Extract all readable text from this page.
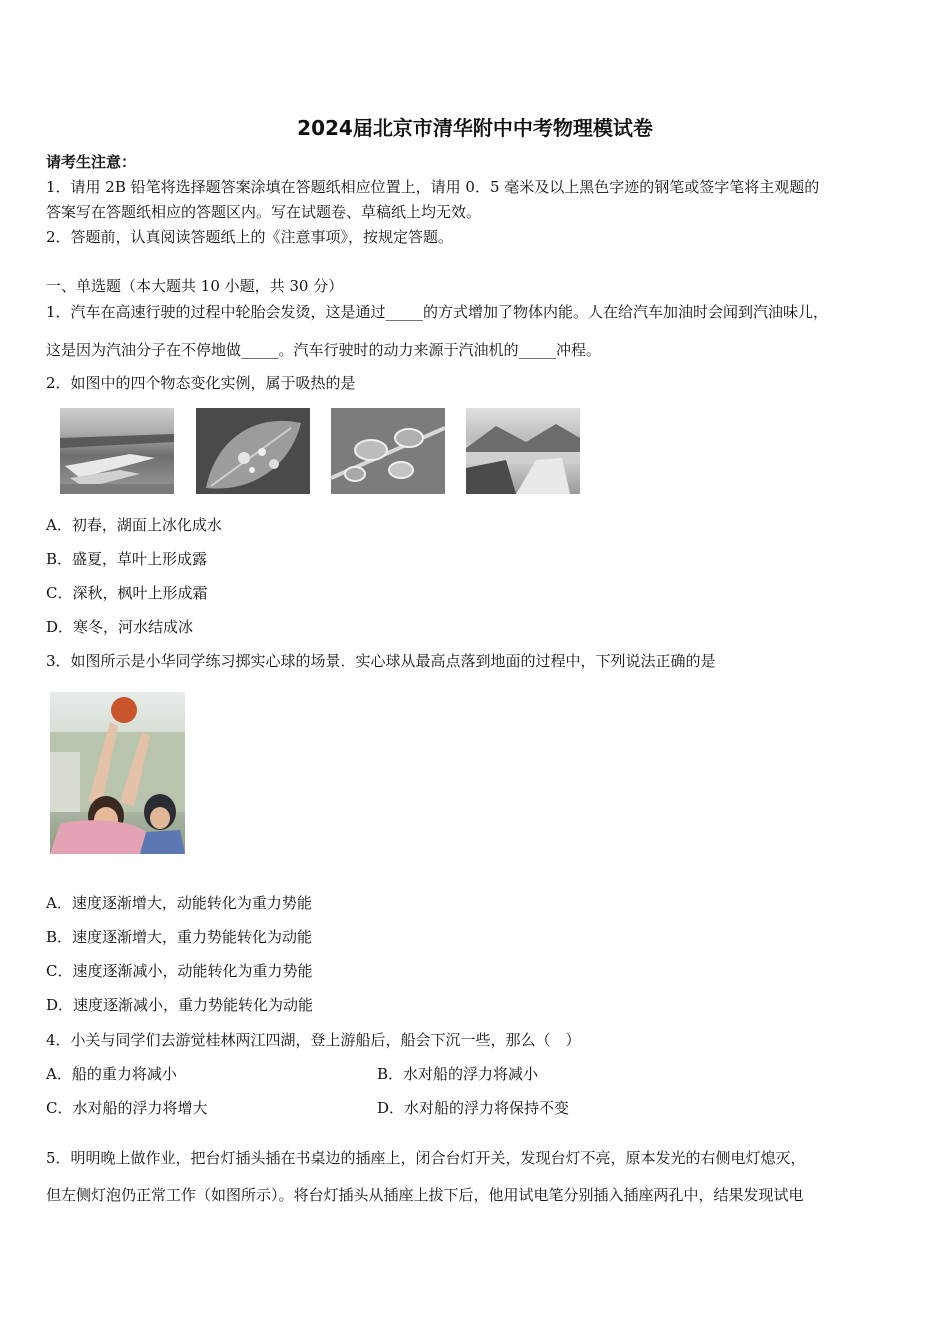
2024届北京市清华附中中考物理模试卷
请考生注意：
1．请用 2B 铅笔将选择题答案涂填在答题纸相应位置上，请用 0．5 毫米及以上黑色字迹的钢笔或签字笔将主观题的
答案写在答题纸相应的答题区内。写在试题卷、草稿纸上均无效。
2．答题前，认真阅读答题纸上的《注意事项》，按规定答题。
一、单选题（本大题共 10 小题，共 30 分）
1．汽车在高速行驶的过程中轮胎会发烫，这是通过_____的方式增加了物体内能。人在给汽车加油时会闻到汽油味儿，
这是因为汽油分子在不停地做_____。汽车行驶时的动力来源于汽油机的_____冲程。
2．如图中的四个物态变化实例，属于吸热的是
A．初春，湖面上冰化成水
B．盛夏，草叶上形成露
C．深秋，枫叶上形成霜
D．寒冬，河水结成冰
3．如图所示是小华同学练习掷实心球的场景．实心球从最高点落到地面的过程中，下列说法正确的是
A．速度逐渐增大，动能转化为重力势能
B．速度逐渐增大，重力势能转化为动能
C．速度逐渐减小，动能转化为重力势能
D．速度逐渐减小，重力势能转化为动能
4．小关与同学们去游觉桂林两江四湖，登上游船后，船会下沉一些，那么（　）
A．船的重力将减小	B．水对船的浮力将减小
C．水对船的浮力将增大	D．水对船的浮力将保持不变
5．明明晚上做作业，把台灯插头插在书桌边的插座上，闭合台灯开关，发现台灯不亮，原本发光的右侧电灯熄灭，
但左侧灯泡仍正常工作（如图所示）。将台灯插头从插座上拔下后，他用试电笔分别插入插座两孔中，结果发现试电
